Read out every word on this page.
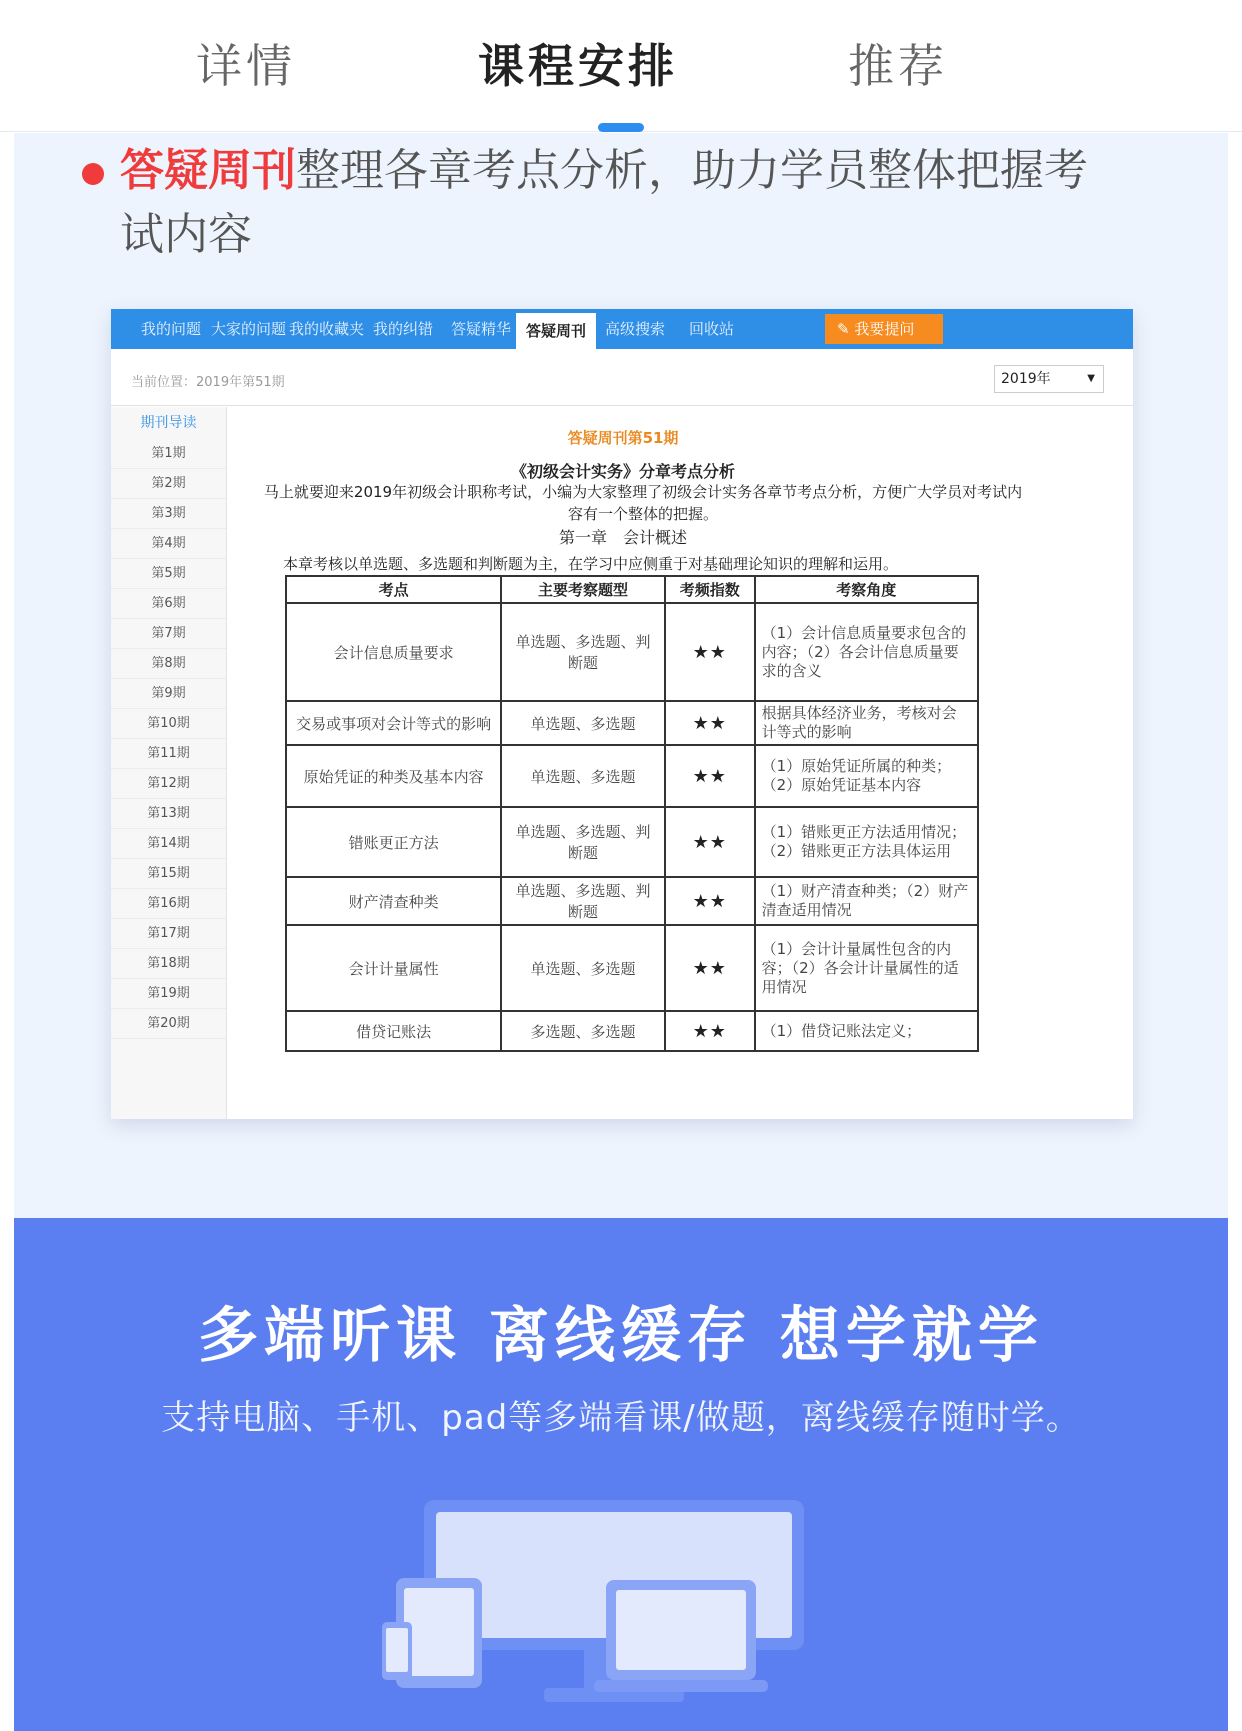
详情	课程安排	推荐
答疑周刊整理各章考点分析，助力学员整体把握考试内容
我的问题 大家的问题 我的收藏夹 我的纠错 答疑精华 答疑周刊	高级搜索 回收站	✎ 我要提问
当前位置：2019年第51期	2019年	▼
期刊导读
第1期
第2期
第3期
第4期
第5期
第6期
第7期
第8期
第9期
第10期
第11期
第12期
第13期
第14期
第15期
第16期
第17期
第18期
第19期
第20期
答疑周刊第51期
《初级会计实务》分章考点分析
马上就要迎来2019年初级会计职称考试，小编为大家整理了初级会计实务各章节考点分析，方便广大学员对考试内容有一个整体的把握。
第一章　会计概述
本章考核以单选题、多选题和判断题为主，在学习中应侧重于对基础理论知识的理解和运用。
考点	主要考察题型	考频指数	考察角度
会计信息质量要求	单选题、多选题、判断题	★★	（1）会计信息质量要求包含的内容；（2）各会计信息质量要求的含义
交易或事项对会计等式的影响	单选题、多选题	★★	根据具体经济业务，考核对会计等式的影响
原始凭证的种类及基本内容	单选题、多选题	★★	（1）原始凭证所属的种类；（2）原始凭证基本内容
错账更正方法	单选题、多选题、判断题	★★	（1）错账更正方法适用情况；（2）错账更正方法具体运用
财产清查种类	单选题、多选题、判断题	★★	（1）财产清查种类；（2）财产清查适用情况
会计计量属性	单选题、多选题	★★	（1）会计计量属性包含的内容；（2）各会计计量属性的适用情况
借贷记账法	多选题、多选题	★★	（1）借贷记账法定义；
多端听课 离线缓存 想学就学
支持电脑、手机、pad等多端看课/做题，离线缓存随时学。
